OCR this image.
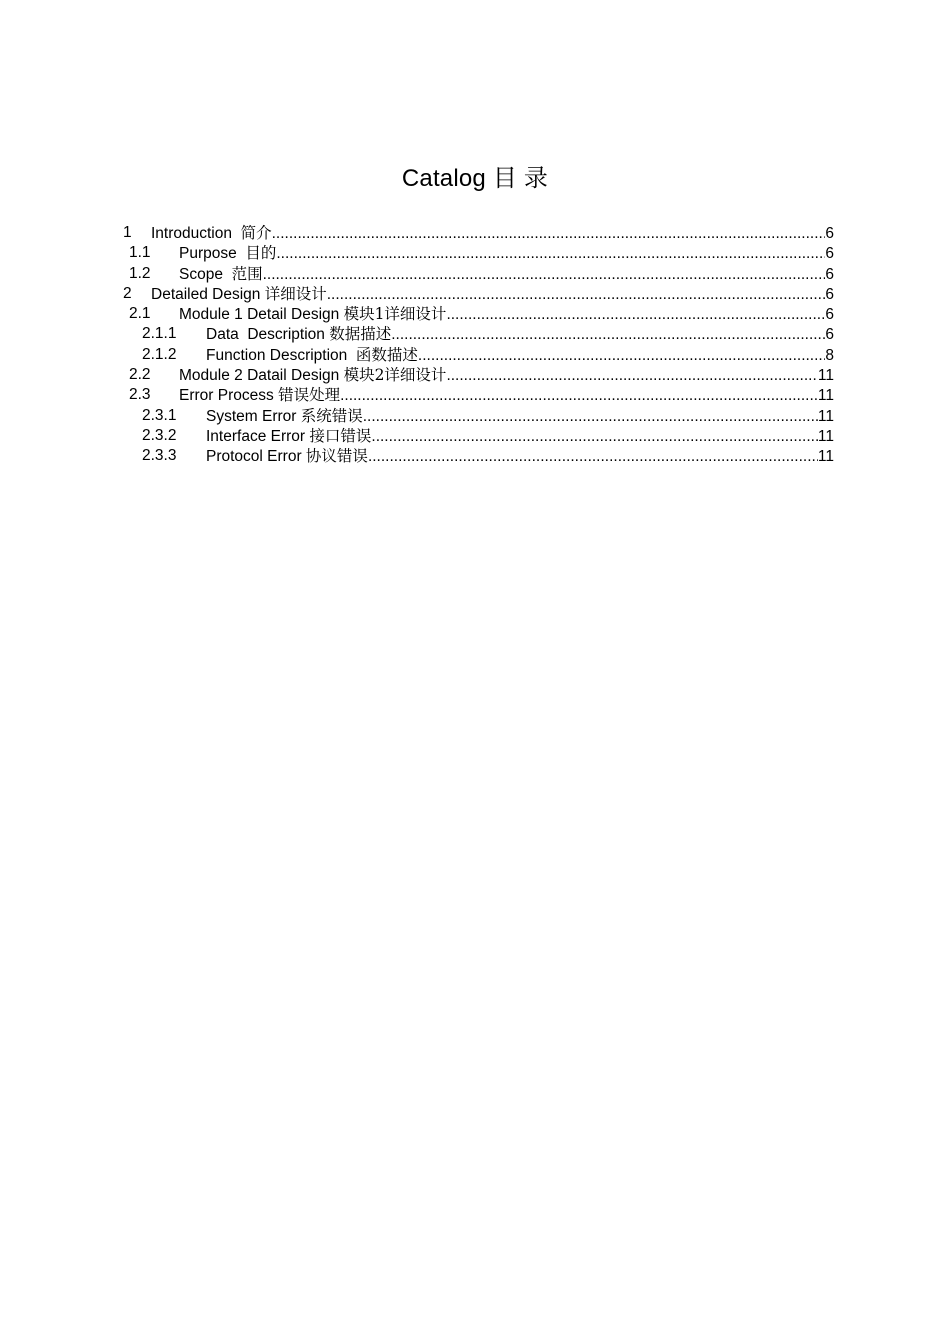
Catalog 目 录
1 Introduction 简介 .....	6
1.1 Purpose 目的 .....	6
1.2 Scope 范围 .....	6
2 Detailed Design 详细设计 .....	6
2.1 Module 1 Detail Design 模块1详细设计 .....	6
2.1.1 Data  Description 数据描述 .....	6
2.1.2 Function Description 函数描述 .....	8
2.2 Module 2 Datail Design 模块2详细设计 .....	11
2.3 Error Process 错误处理 .....	11
2.3.1 System Error 系统错误 .....	11
2.3.2 Interface Error 接口错误 .....	11
2.3.3 Protocol Error 协议错误 .....	11
